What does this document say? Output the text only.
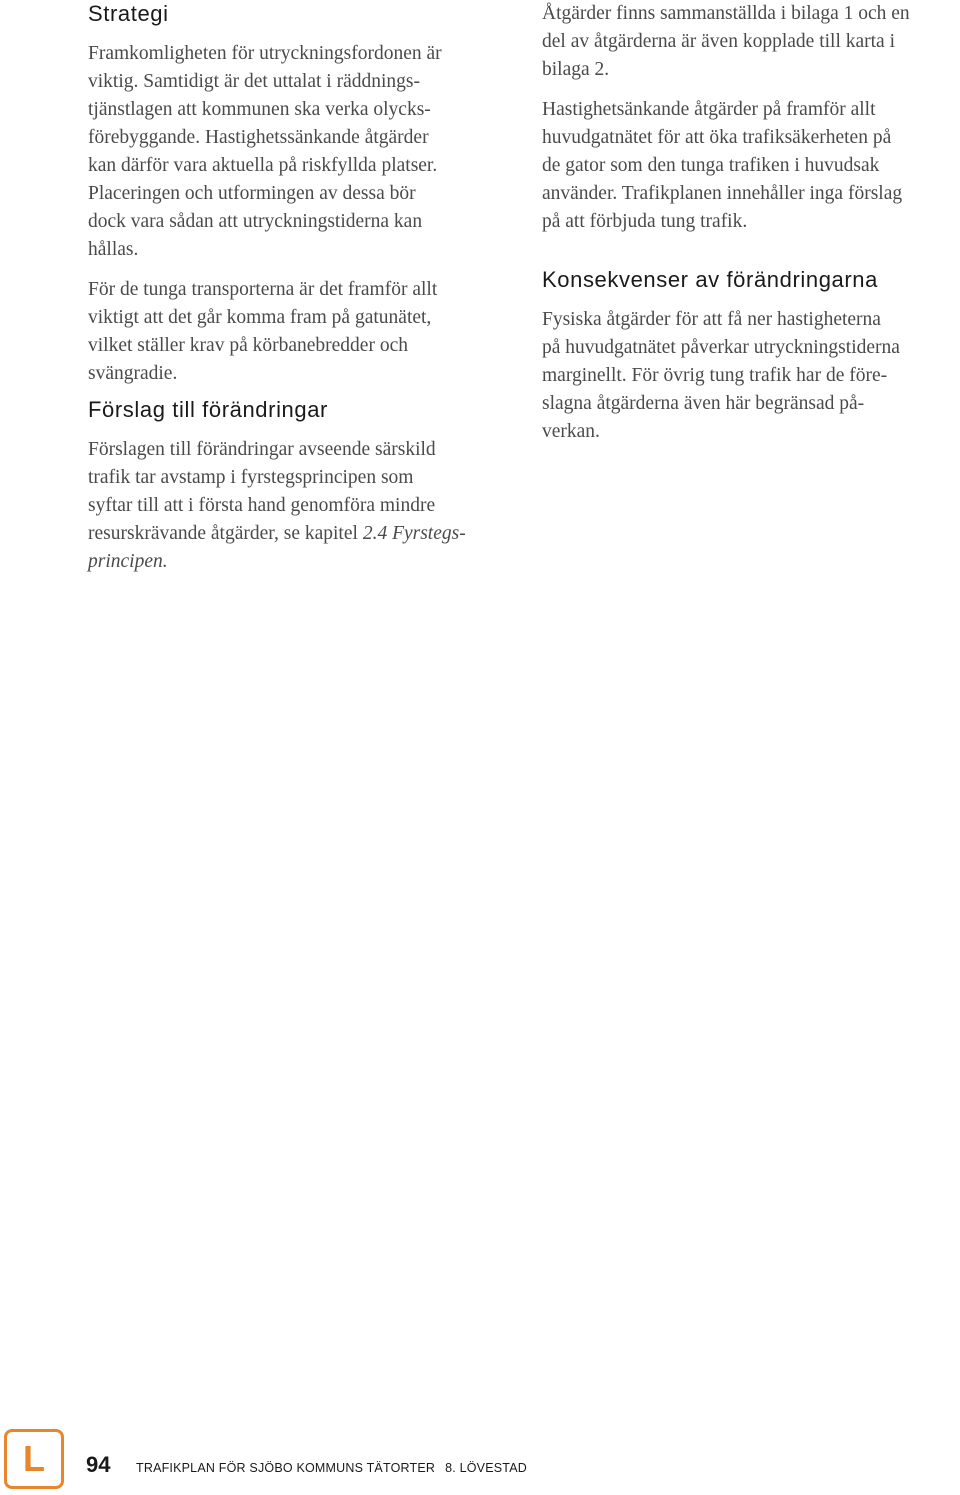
Strategi

Framkomligheten för utryckningsfordonen är
viktig. Samtidigt är det uttalat i räddnings-
tjänstlagen att kommunen ska verka olycks-
förebyggande. Hastighetssänkande åtgärder
kan därför vara aktuella på riskfyllda platser.
Placeringen och utformingen av dessa bör
dock vara sådan att utryckningstiderna kan
hållas.

För de tunga transporterna är det framför allt
viktigt att det går komma fram på gatunätet,
vilket ställer krav på körbanebredder och
svängradie.

Förslag till förändringar

Förslagen till förändringar avseende särskild
trafik tar avstamp i fyrstegsprincipen som
syftar till att i första hand genomföra mindre
resurskrävande åtgärder, se kapitel 2.4 Fyrstegs-
principen.

Åtgärder finns sammanställda i bilaga 1 och en
del av åtgärderna är även kopplade till karta i
bilaga 2.

Hastighetsänkande åtgärder på framför allt
huvudgatnätet för att öka trafiksäkerheten på
de gator som den tunga trafiken i huvudsak
använder. Trafikplanen innehåller inga förslag
på att förbjuda tung trafik.

Konsekvenser av förändringarna

Fysiska åtgärder för att få ner hastigheterna
på huvudgatnätet påverkar utryckningstiderna
marginellt. För övrig tung trafik har de före-
slagna åtgärderna även här begränsad på-
verkan.

L	94 TRAFIKPLAN FÖR SJÖBO KOMMUNS TÄTORTER 8. LÖVESTAD
